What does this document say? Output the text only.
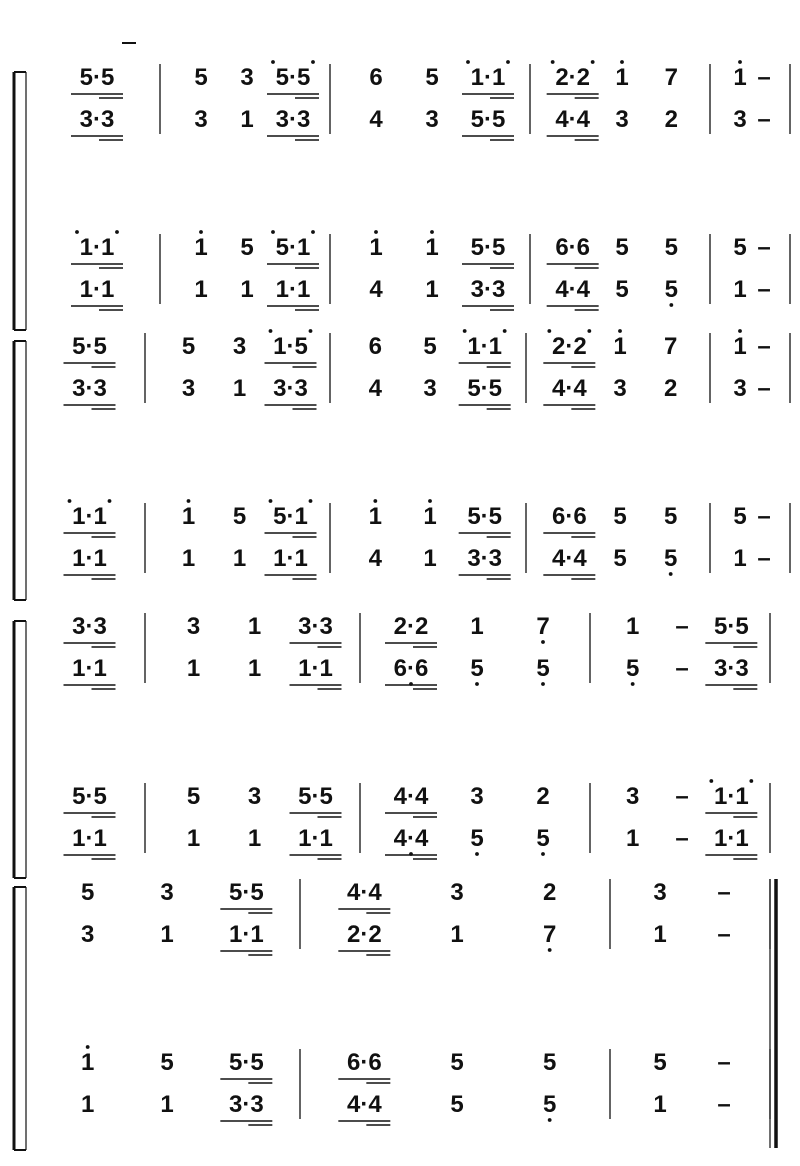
5·5	5 3 5·5	6 5	1·1	2·2	1 7 1 –
3·3	3 1 3·3	4 3	5·5	4·4	3 2 3 –
1·1	1 5 5·1	1 1	5·5	6·6	5 5 5 –
1·1	1 1 1·1	4 1	3·3	4·4	5 5 1 –
5·5	5 3	1·5	6 5	1·1	2·2	1 7 1 –
3·3	3 1	3·3	4 3	5·5	4·4	3 2 3 –
1·1	1 5	5·1	1 1	5·5	6·6	5 5 5 –
1·1	1 1	1·1	4 1	3·3	4·4	5 5 1 –
3·3	3 1	3·3	2·2	1 7	1 –	5·5
1·1	1 1	1·1	6·6	5 5	5 –	3·3
5·5	5 3	5·5	4·4	3 2	3 –	1·1
1·1	1 1	1·1	4·4	5 5	1 –	1·1
5	3	5·5	4·4	3	2	3 –
3	1	1·1	2·2	1	7	1 –
1	5	5·5	6·6	5	5	5 –
1	1	3·3	4·4	5	5	1 –
